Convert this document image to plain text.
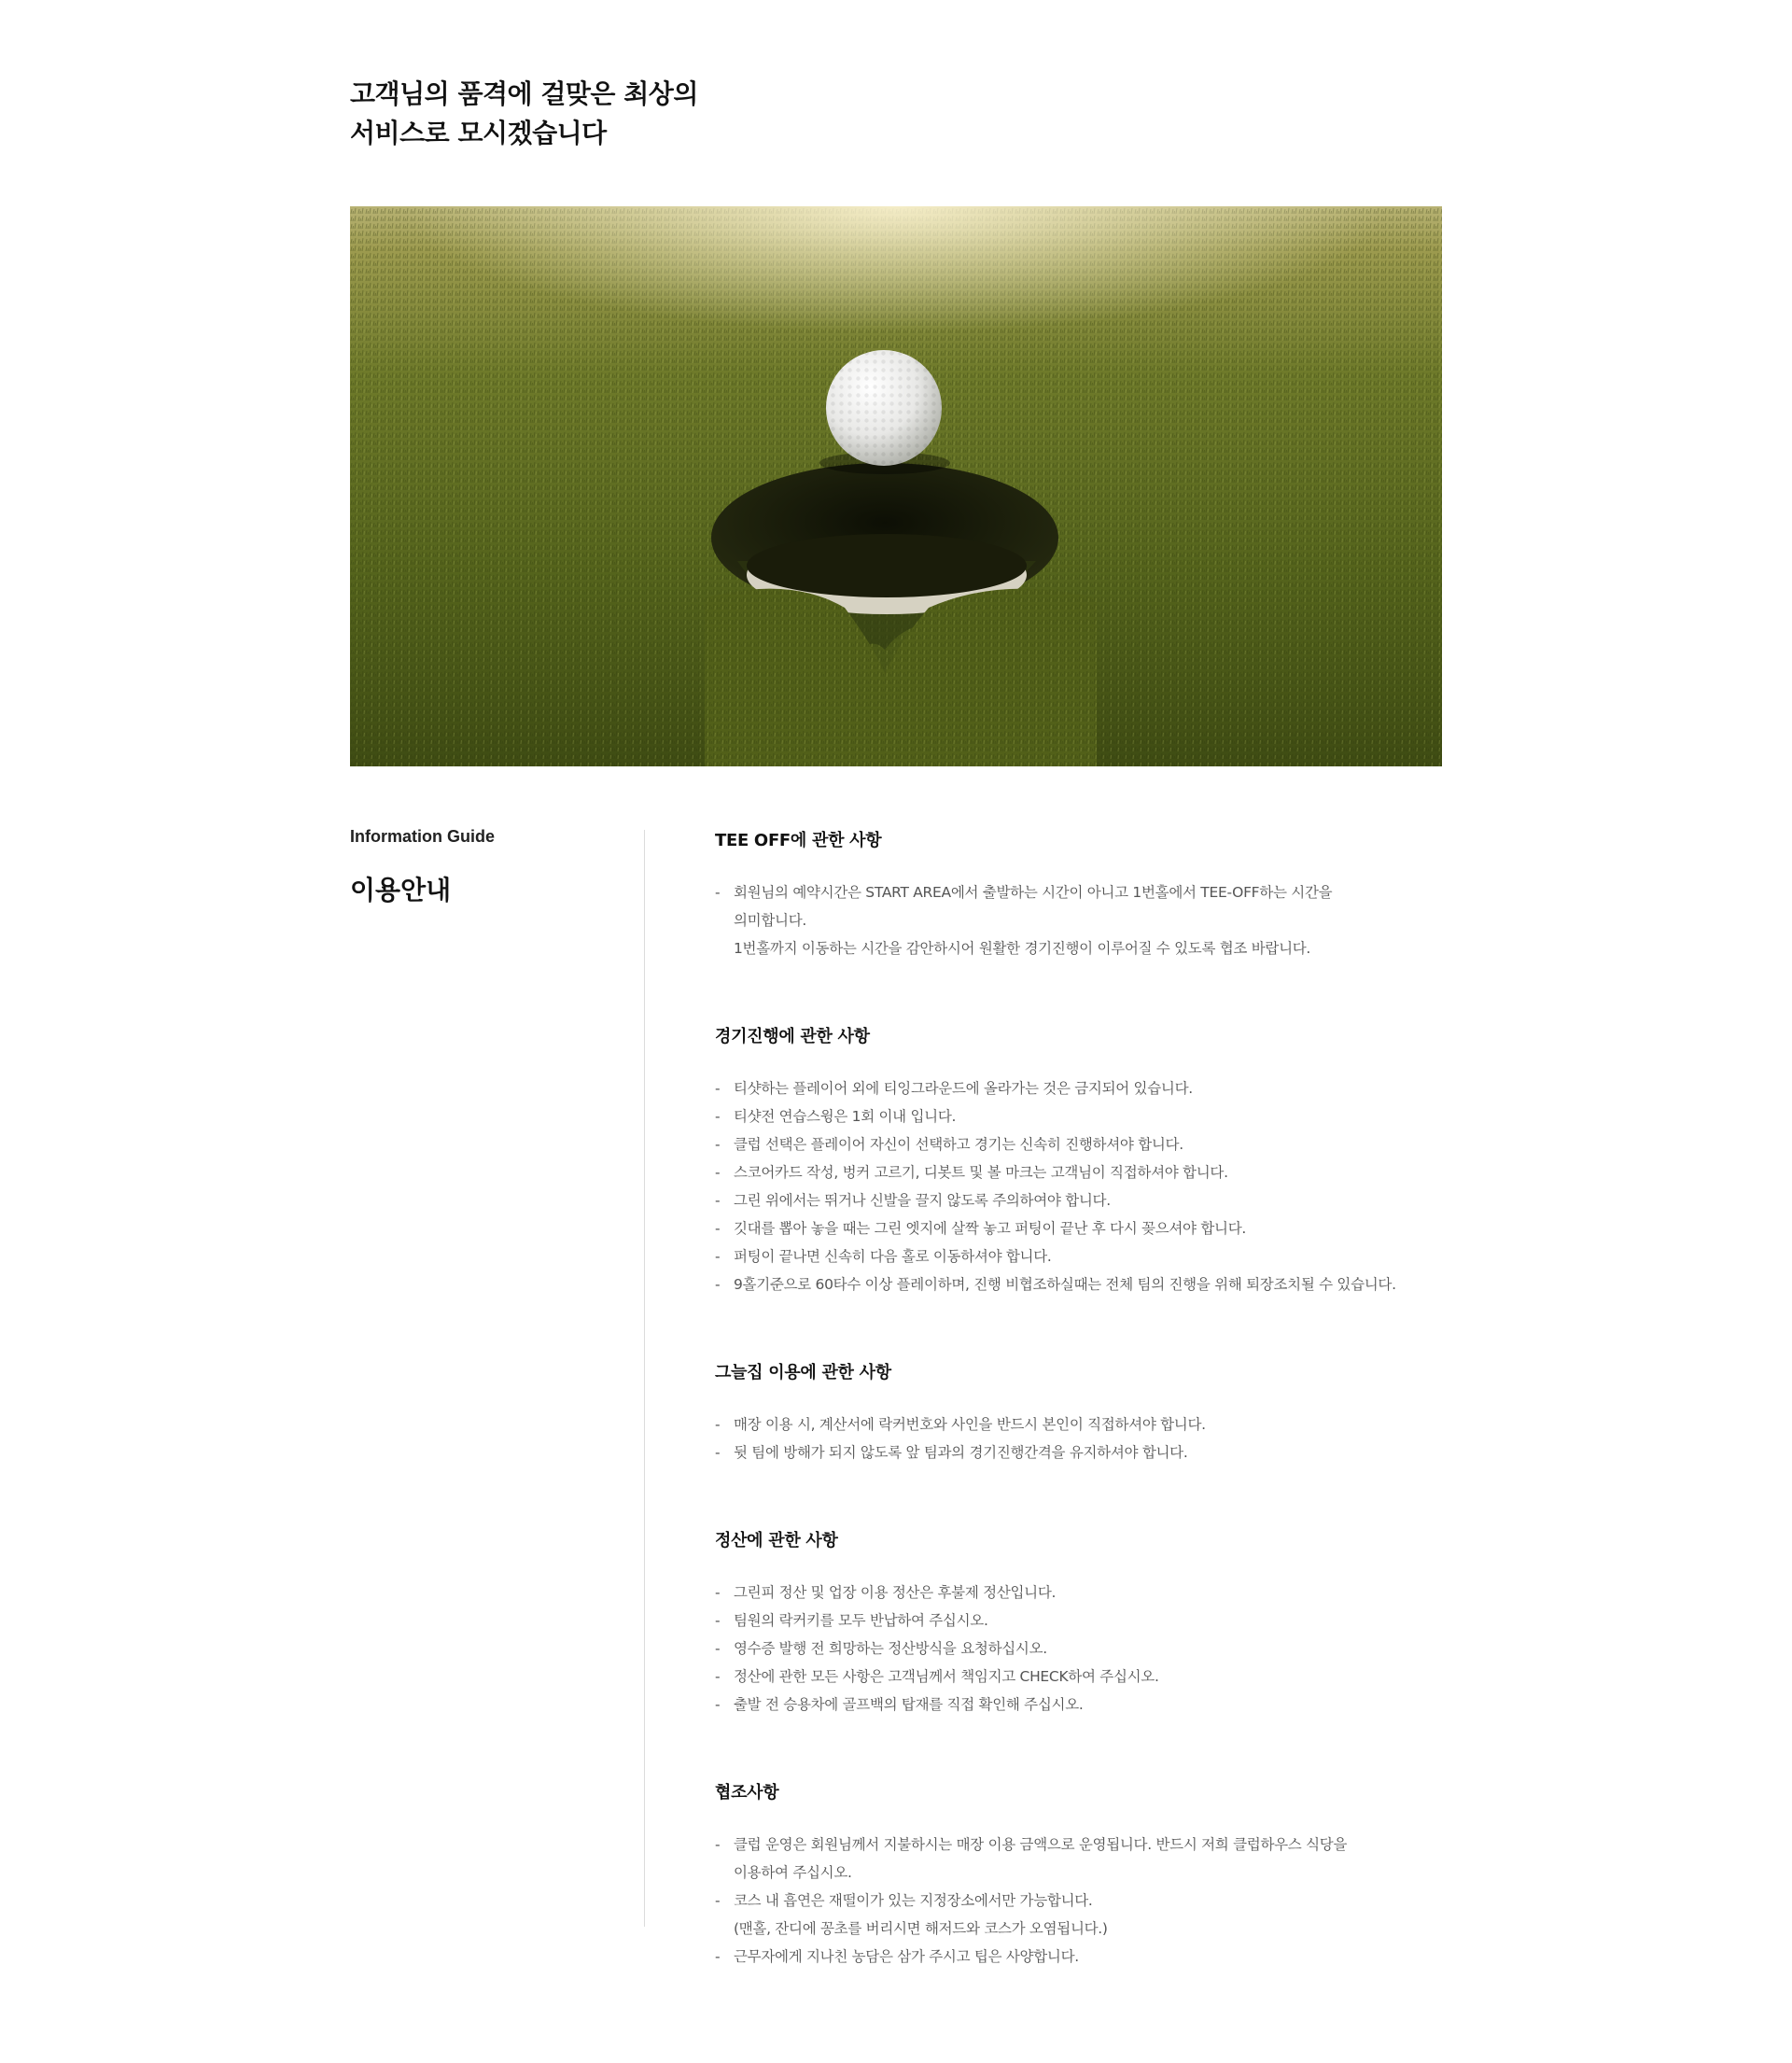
고객님의 품격에 걸맞은 최상의
서비스로 모시겠습니다

Information Guide

이용안내
TEE OFF에 관한 사항
- 회원님의 예약시간은 START AREA에서 출발하는 시간이 아니고 1번홀에서 TEE-OFF하는 시간을
의미합니다.
1번홀까지 이동하는 시간을 감안하시어 원활한 경기진행이 이루어질 수 있도록 협조 바랍니다.
경기진행에 관한 사항
- 티샷하는 플레이어 외에 티잉그라운드에 올라가는 것은 금지되어 있습니다.
- 티샷전 연습스윙은 1회 이내 입니다.
- 클럽 선택은 플레이어 자신이 선택하고 경기는 신속히 진행하셔야 합니다.
- 스코어카드 작성, 벙커 고르기, 디봇트 및 볼 마크는 고객님이 직접하셔야 합니다.
- 그린 위에서는 뛰거나 신발을 끌지 않도록 주의하여야 합니다.
- 깃대를 뽑아 놓을 때는 그린 엣지에 살짝 놓고 퍼팅이 끝난 후 다시 꽂으셔야 합니다.
- 퍼팅이 끝나면 신속히 다음 홀로 이동하셔야 합니다.
- 9홀기준으로 60타수 이상 플레이하며, 진행 비협조하실때는 전체 팀의 진행을 위해 퇴장조치될 수 있습니다.
그늘집 이용에 관한 사항
- 매장 이용 시, 계산서에 락커번호와 사인을 반드시 본인이 직접하셔야 합니다.
- 뒷 팀에 방해가 되지 않도록 앞 팀과의 경기진행간격을 유지하셔야 합니다.
정산에 관한 사항
- 그린피 정산 및 업장 이용 정산은 후불제 정산입니다.
- 팀원의 락커키를 모두 반납하여 주십시오.
- 영수증 발행 전 희망하는 정산방식을 요청하십시오.
- 정산에 관한 모든 사항은 고객님께서 책임지고 CHECK하여 주십시오.
- 출발 전 승용차에 골프백의 탑재를 직접 확인해 주십시오.
협조사항
- 클럽 운영은 회원님께서 지불하시는 매장 이용 금액으로 운영됩니다. 반드시 저희 클럽하우스 식당을
이용하여 주십시오.
- 코스 내 흡연은 재떨이가 있는 지정장소에서만 가능합니다.
(맨홀, 잔디에 꽁초를 버리시면 해저드와 코스가 오염됩니다.)
- 근무자에게 지나친 농담은 삼가 주시고 팁은 사양합니다.
